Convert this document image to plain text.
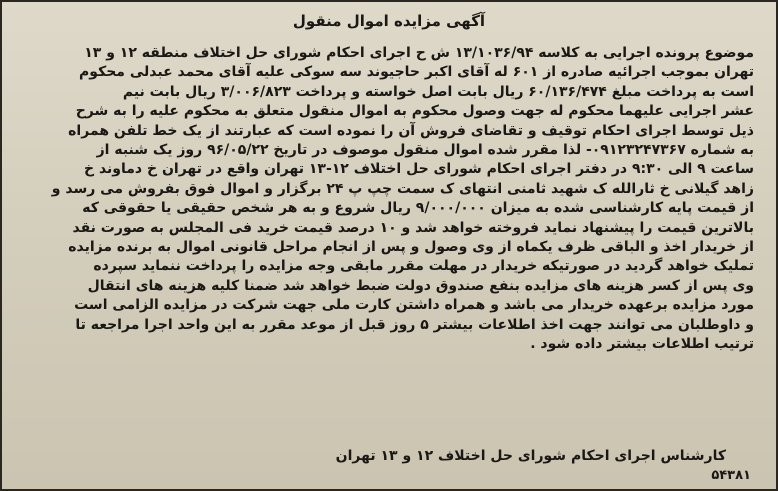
آگهی مزایده اموال منقول
موضوع پرونده اجرایی به کلاسه ۱۳/۱۰۳۶/۹۴ ش ح اجرای احکام شورای حل اختلاف منطقه ۱۲ و ۱۳
تهران بموجب اجرائیه صادره از ۶۰۱ له آقای اکبر حاجیوند سه سوکی علیه آقای محمد عبدلی محکوم
است به پرداخت مبلغ ۶۰/۱۳۶/۴۷۴ ریال بابت اصل خواسته و پرداخت ۳/۰۰۶/۸۲۳ ریال بابت نیم
عشر اجرایی علیهما محکوم له جهت وصول محکوم به اموال منقول متعلق به محکوم علیه را به شرح
ذیل توسط اجرای احکام توقیف و تقاضای فروش آن را نموده است که عبارتند از یک خط تلفن همراه
به شماره ۰۹۱۲۳۲۴۷۳۶۷- لذا مقرر شده اموال منقول موصوف در تاریخ ۹۶/۰۵/۲۲ روز یک شنبه از
ساعت ۹ الی ۹:۳۰ در دفتر اجرای احکام شورای حل اختلاف ۱۲-۱۳ تهران واقع در تهران خ دماوند خ
زاهد گیلانی خ ثارالله ک شهید ثامنی انتهای ک سمت چپ پ ۲۴ برگزار و اموال فوق بفروش می رسد و
از قیمت پایه کارشناسی شده به میزان ۹/۰۰۰/۰۰۰ ریال شروع و به هر شخص حقیقی یا حقوقی که
بالاترین قیمت را پیشنهاد نماید فروخته خواهد شد و ۱۰ درصد قیمت خرید فی المجلس به صورت نقد
از خریدار اخذ و الباقی ظرف یکماه از وی وصول و پس از انجام مراحل قانونی اموال به برنده مزایده
تملیک خواهد گردید در صورتیکه خریدار در مهلت مقرر مابقی وجه مزایده را پرداخت ننماید سپرده
وی پس از کسر هزینه های مزایده بنفع صندوق دولت ضبط خواهد شد ضمنا کلیه هزینه های انتقال
مورد مزایده برعهده خریدار می باشد و همراه داشتن کارت ملی جهت شرکت در مزایده الزامی است
و داوطلبان می توانند جهت اخذ اطلاعات بیشتر ۵ روز قبل از موعد مقرر به این واحد اجرا مراجعه تا
ترتیب اطلاعات بیشتر داده شود .
کارشناس اجرای احکام شورای حل اختلاف ۱۲ و ۱۳ تهران
۵۴۳۸۱
